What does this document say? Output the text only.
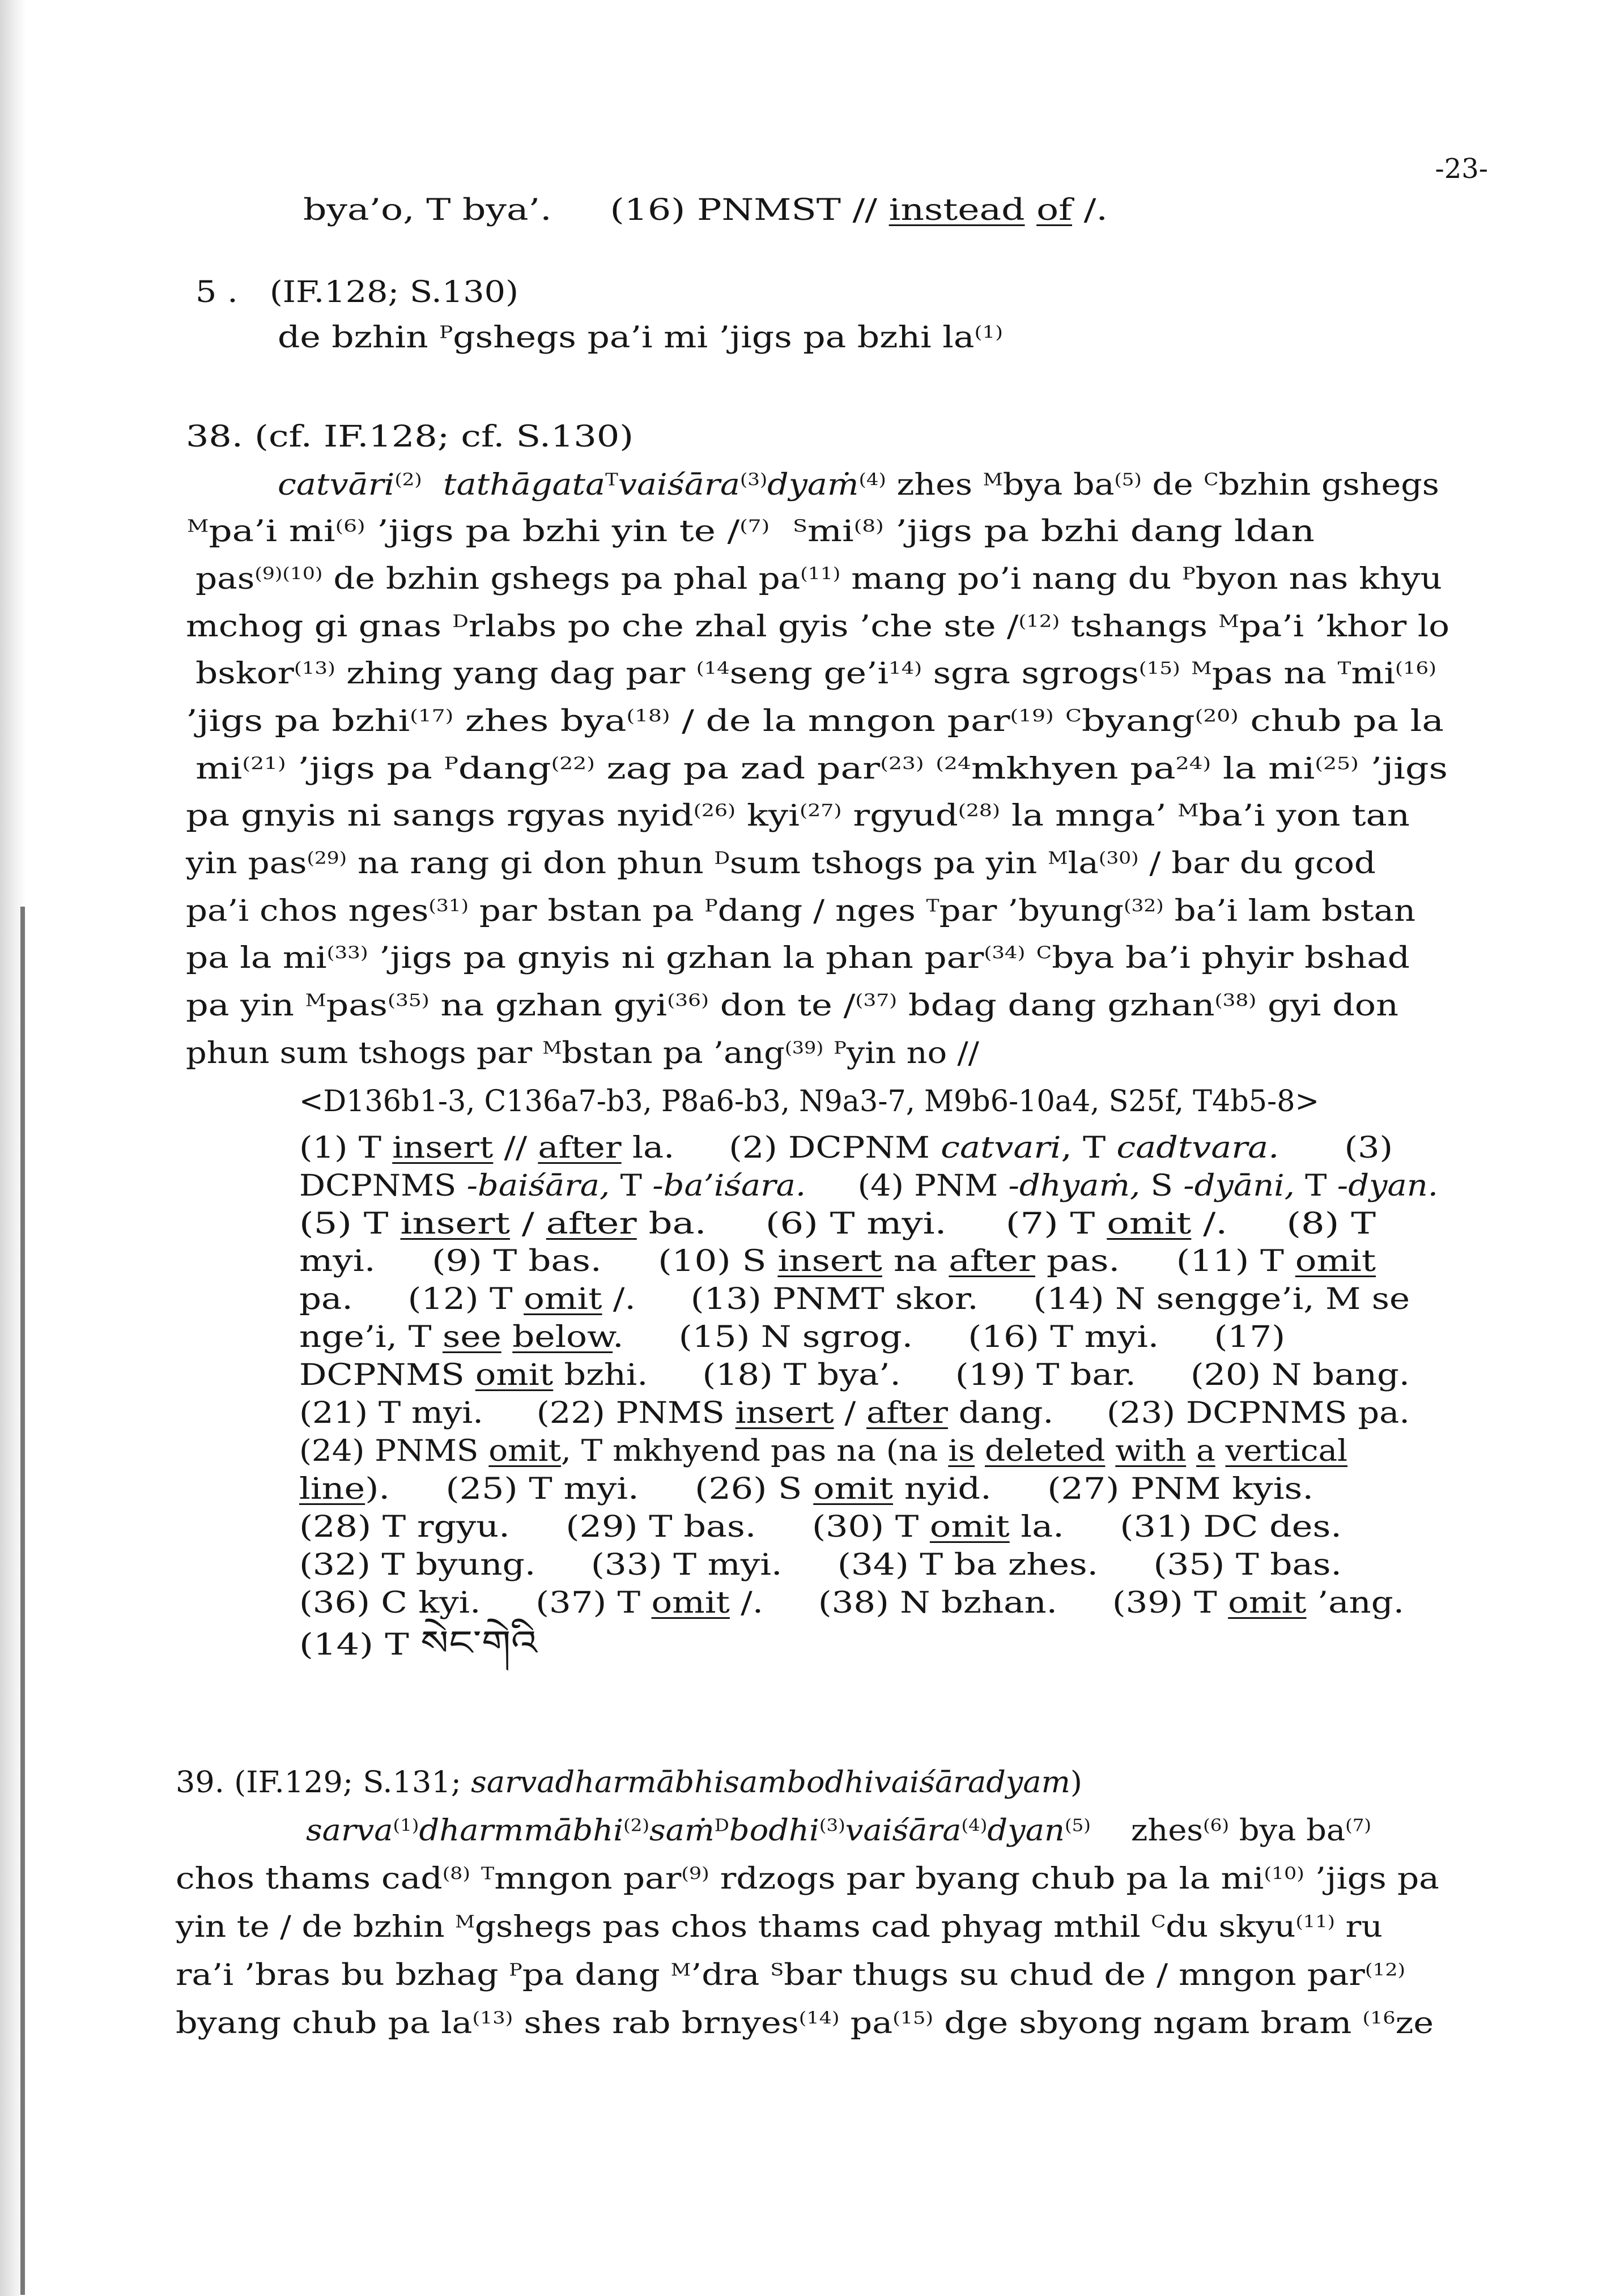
-23-
bya’o, T bya’.     (16) PNMST // instead of /.
5 .   (IF.128; S.130)
de bzhin $^P$gshegs pa’i mi ’jigs pa bzhi $la^{(1)}$
38. (cf. IF.128; cf. S.130)
catvāri$^{(2)}$ tathāgata$^T$vaiśāra$^{(3)}$dyaṁ$^{(4)}$ zhes $^M$bya $ba^{(5)}$ de $^C$bzhin gshegs
$^M$pa’i $mi^{(6)}$ ’jigs pa bzhi yin te /$^{(7)}$ $^Smi^{(8)}$ ’jigs pa bzhi dang ldan
pas$^{(9)(10)}$ de bzhin gshegs pa phal $pa^{(11)}$ mang po’i nang du $^P$byon nas khyu
mchog gi gnas $^D$rlabs po che zhal gyis ’che ste /$^{(12)}$ tshangs $^M$pa’i ’khor lo
bskor$^{(13)}$ zhing yang dag par $^{(14}$seng $ge’i^{14)}$ sgra sgrogs$^{(15)}$ $^M$pas na $^Tmi^{(16)}$
’jigs pa bzhi$^{(17)}$ zhes bya$^{(18)}$ / de la mngon par$^{(19)}$ $^C$byang$^{(20)}$ chub pa la
$mi^{(21)}$ ’jigs pa $^P$dang$^{(22)}$ zag pa zad par$^{(23)}$ $^{(24}$mkhyen $pa^{24)}$ la $mi^{(25)}$ ’jigs
pa gnyis ni sangs rgyas nyid$^{(26)}$ kyi$^{(27)}$ rgyud$^{(28)}$ la mnga’ $^M$ba’i yon tan
yin pas$^{(29)}$ na rang gi don phun $^D$sum tshogs pa yin $^Mla^{(30)}$ / bar du gcod
pa’i chos nges$^{(31)}$ par bstan pa $^P$dang / nges $^T$par ’byung$^{(32)}$ ba’i lam bstan
pa la $mi^{(33)}$ ’jigs pa gnyis ni gzhan la phan par$^{(34)}$ $^C$bya ba’i phyir bshad
pa yin $^M$pas$^{(35)}$ na gzhan gyi$^{(36)}$ don te /$^{(37)}$ bdag dang gzhan$^{(38)}$ gyi don
phun sum tshogs par $^M$bstan pa ’ang$^{(39)}$ $^P$yin no //
<D136b1-3, C136a7-b3, P8a6-b3, N9a3-7, M9b6-10a4, S25f, T4b5-8>
(1) T insert // after la.     (2) DCPNM catvari, T cadtvara.      (3)
DCPNMS -baiśāra, T -ba’iśara.     (4) PNM -dhyaṁ, S -dyāni, T -dyan.
(5) T insert / after ba.     (6) T myi.     (7) T omit /.     (8) T
myi.     (9) T bas.     (10) S insert na after pas.     (11) T omit
pa.     (12) T omit /.     (13) PNMT skor.     (14) N sengge’i, M se
nge’i, T see below.     (15) N sgrog.     (16) T myi.     (17)
DCPNMS omit bzhi.     (18) T bya’.     (19) T bar.     (20) N bang.
(21) T myi.     (22) PNMS insert / after dang.     (23) DCPNMS pa.
(24) PNMS omit, T mkhyend pas na (na is deleted with a vertical
line).     (25) T myi.     (26) S omit nyid.     (27) PNM kyis.
(28) T rgyu.     (29) T bas.     (30) T omit la.     (31) DC des.
(32) T byung.     (33) T myi.     (34) T ba zhes.     (35) T bas.
(36) C kyi.     (37) T omit /.     (38) N bzhan.     (39) T omit ’ang.
(14) T སེང་གེའི
39. (IF.129; S.131; sarvadharmābhisambodhivaiśāradyam)
sarva$^{(1)}$dharmmābhi$^{(2)}$saṁ$^D$bodhi$^{(3)}$vaiśāra$^{(4)}$dyan$^{(5)}$    zhes$^{(6)}$ bya $ba^{(7)}$
chos thams cad$^{(8)}$ $^T$mngon par$^{(9)}$ rdzogs par byang chub pa la $mi^{(10)}$ ’jigs pa
yin te / de bzhin $^M$gshegs pas chos thams cad phyag mthil $^C$du skyu$^{(11)}$ ru
ra’i ’bras bu bzhag $^P$pa dang $^M$’dra $^S$bar thugs su chud de / mngon par$^{(12)}$
byang chub pa $la^{(13)}$ shes rab brnyes$^{(14)}$ $pa^{(15)}$ dge sbyong ngam bram $^{(16}$ze
